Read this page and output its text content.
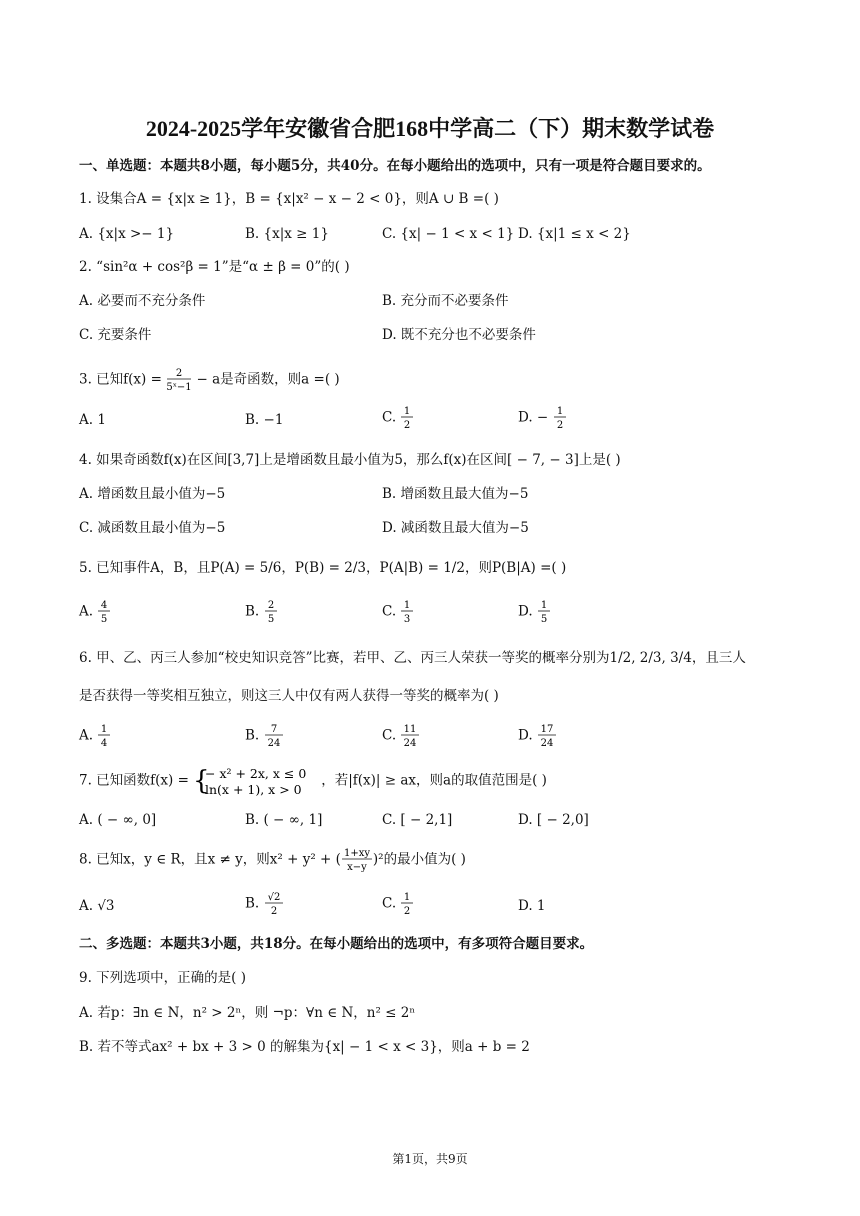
2024-2025学年安徽省合肥168中学高二（下）期末数学试卷
一、单选题：本题共8小题，每小题5分，共40分。在每小题给出的选项中，只有一项是符合题目要求的。
1. 设集合A = {x|x ≥ 1}，B = {x|x² − x − 2 < 0}，则A ∪ B =( )
A. {x|x >− 1}	B. {x|x ≥ 1}	C. {x| − 1 < x < 1} D. {x|1 ≤ x < 2}
2. “sin²α + cos²β = 1”是“α ± β = 0”的( )
A. 必要而不充分条件	B. 充分而不必要条件
C. 充要条件	D. 既不充分也不必要条件
3. 已知f(x) = 2
5ˣ−1 − a是奇函数，则a =( )
A. 1	B. −1	C. 1
2	D. − 1
2
4. 如果奇函数f(x)在区间[3,7]上是增函数且最小值为5，那么f(x)在区间[ − 7, − 3]上是( )
A. 增函数且最小值为−5	B. 增函数且最大值为−5
C. 减函数且最小值为−5	D. 减函数且最大值为−5
5. 已知事件A，B，且P(A) = 5/6，P(B) = 2/3，P(A|B) = 1/2，则P(B|A) =( )
A. 4
5	B. 2
5	C. 1
3	D. 1
5
6. 甲、乙、丙三人参加“校史知识竞答”比赛，若甲、乙、丙三人荣获一等奖的概率分别为1/2, 2/3, 3/4，且三人
是否获得一等奖相互独立，则这三人中仅有两人获得一等奖的概率为( )
A. 1
4	B. 7
24	C. 11
24	D. 17
24
7. 已知函数f(x) = {
− x² + 2x, x ≤ 0
ln(x + 1), x > 0
，若|f(x)| ≥ ax，则a的取值范围是( )
A. ( − ∞, 0]	B. ( − ∞, 1]	C. [ − 2,1]	D. [ − 2,0]
8. 已知x，y ∈ R，且x ≠ y，则x² + y² + ( 1+xy
x−y )²的最小值为( )
A. √3	B. √2
2	C. 1
2	D. 1
二、多选题：本题共3小题，共18分。在每小题给出的选项中，有多项符合题目要求。
9. 下列选项中，正确的是( )
A. 若p：∃n ∈ N，n² > 2ⁿ，则 ¬p：∀n ∈ N，n² ≤ 2ⁿ
B. 若不等式ax² + bx + 3 > 0 的解集为{x| − 1 < x < 3}，则a + b = 2
第1页，共9页
